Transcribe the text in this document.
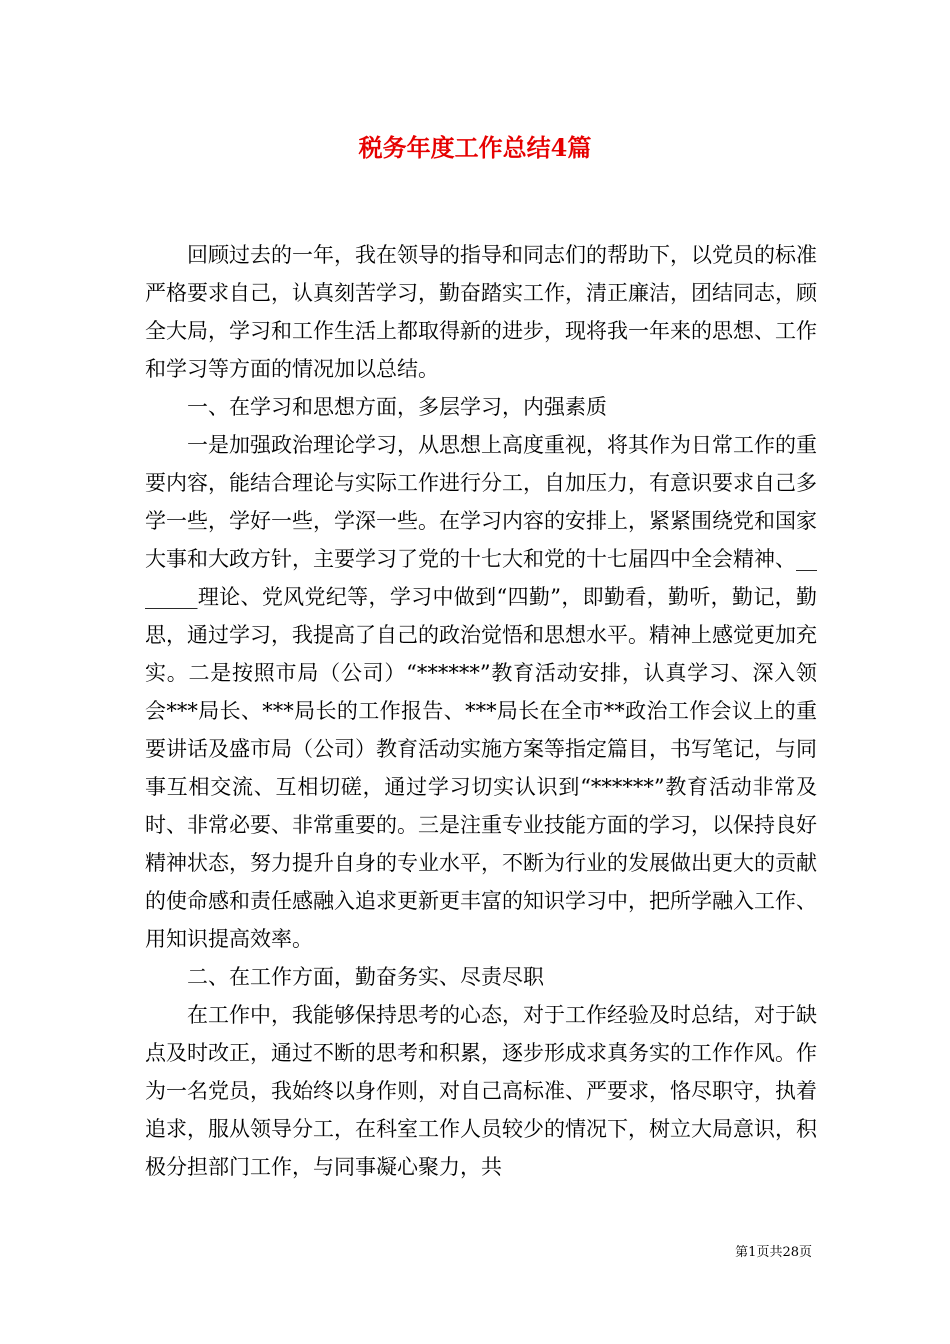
税务年度工作总结4篇

回顾过去的一年，我在领导的指导和同志们的帮助下，以党员的标准严格要求自己，认真刻苦学习，勤奋踏实工作，清正廉洁，团结同志，顾全大局，学习和工作生活上都取得新的进步，现将我一年来的思想、工作和学习等方面的情况加以总结。

一、在学习和思想方面，多层学习，内强素质

一是加强政治理论学习，从思想上高度重视，将其作为日常工作的重要内容，能结合理论与实际工作进行分工，自加压力，有意识要求自己多学一些，学好一些，学深一些。在学习内容的安排上，紧紧围绕党和国家大事和大政方针，主要学习了党的十七大和党的十七届四中全会精神、_______理论、党风党纪等，学习中做到“四勤”，即勤看，勤听，勤记，勤思，通过学习，我提高了自己的政治觉悟和思想水平。精神上感觉更加充实。二是按照市局（公司）“******”教育活动安排，认真学习、深入领会***局长、***局长的工作报告、***局长在全市**政治工作会议上的重要讲话及盛市局（公司）教育活动实施方案等指定篇目，书写笔记，与同事互相交流、互相切磋，通过学习切实认识到“******”教育活动非常及时、非常必要、非常重要的。三是注重专业技能方面的学习，以保持良好精神状态，努力提升自身的专业水平，不断为行业的发展做出更大的贡献的使命感和责任感融入追求更新更丰富的知识学习中，把所学融入工作、用知识提高效率。

二、在工作方面，勤奋务实、尽责尽职

在工作中，我能够保持思考的心态，对于工作经验及时总结，对于缺点及时改正，通过不断的思考和积累，逐步形成求真务实的工作作风。作为一名党员，我始终以身作则，对自己高标准、严要求，恪尽职守，执着追求，服从领导分工，在科室工作人员较少的情况下，树立大局意识，积极分担部门工作，与同事凝心聚力，共

第1页共28页
